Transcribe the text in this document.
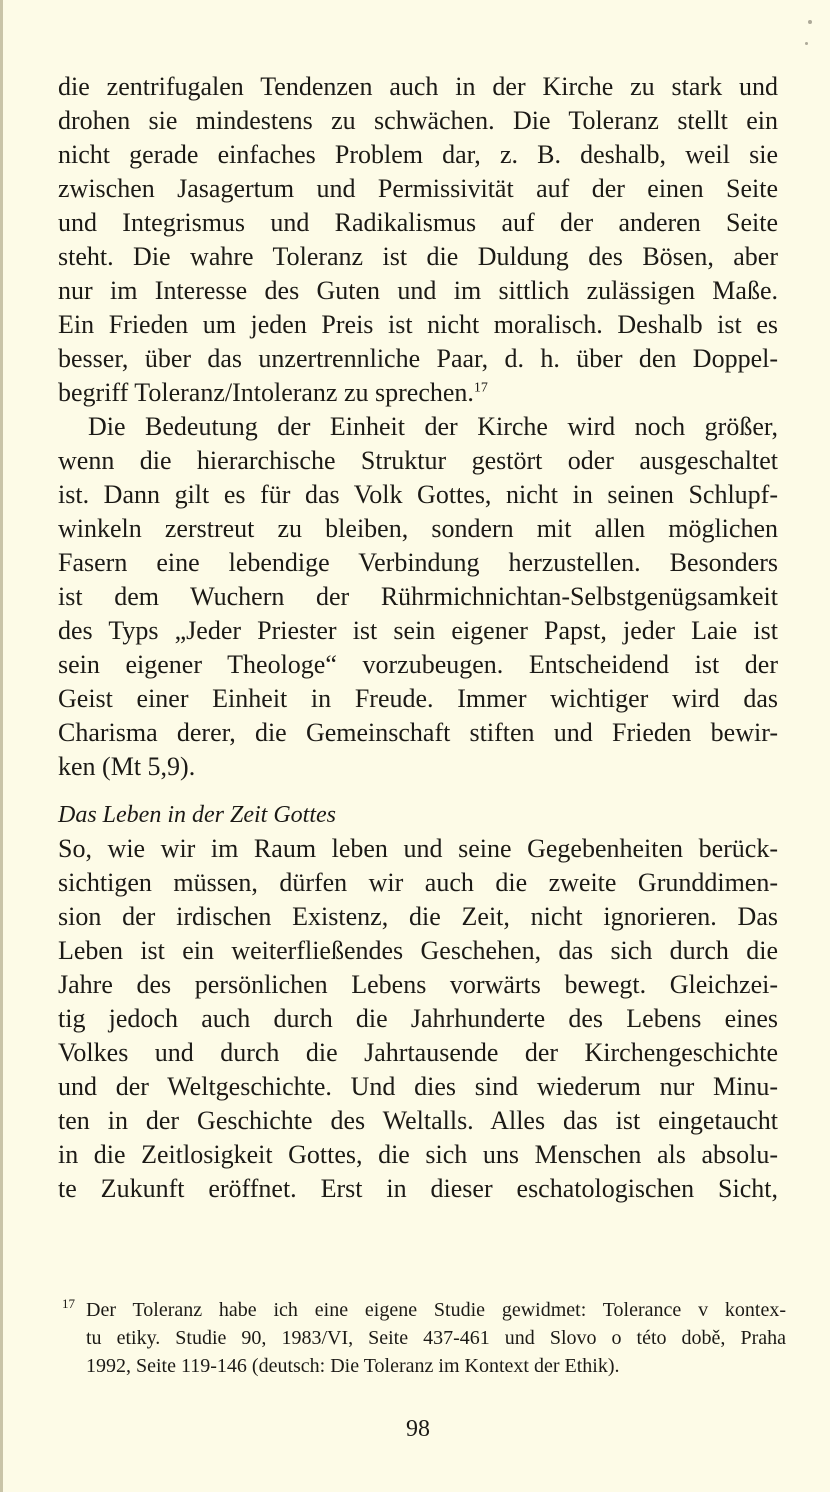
die zentrifugalen Tendenzen auch in der Kirche zu stark und
drohen sie mindestens zu schwächen. Die Toleranz stellt ein
nicht gerade einfaches Problem dar, z. B. deshalb, weil sie
zwischen Jasagertum und Permissivität auf der einen Seite
und Integrismus und Radikalismus auf der anderen Seite
steht. Die wahre Toleranz ist die Duldung des Bösen, aber
nur im Interesse des Guten und im sittlich zulässigen Maße.
Ein Frieden um jeden Preis ist nicht moralisch. Deshalb ist es
besser, über das unzertrennliche Paar, d. h. über den Doppel-
begriff Toleranz/Intoleranz zu sprechen.$^{17}$
Die Bedeutung der Einheit der Kirche wird noch größer,
wenn die hierarchische Struktur gestört oder ausgeschaltet
ist. Dann gilt es für das Volk Gottes, nicht in seinen Schlupf-
winkeln zerstreut zu bleiben, sondern mit allen möglichen
Fasern eine lebendige Verbindung herzustellen. Besonders
ist dem Wuchern der Rührmichnichtan-Selbstgenügsamkeit
des Typs „Jeder Priester ist sein eigener Papst, jeder Laie ist
sein eigener Theologe“ vorzubeugen. Entscheidend ist der
Geist einer Einheit in Freude. Immer wichtiger wird das
Charisma derer, die Gemeinschaft stiften und Frieden bewir-
ken (Mt 5,9).
Das Leben in der Zeit Gottes
So, wie wir im Raum leben und seine Gegebenheiten berück-
sichtigen müssen, dürfen wir auch die zweite Grunddimen-
sion der irdischen Existenz, die Zeit, nicht ignorieren. Das
Leben ist ein weiterfließendes Geschehen, das sich durch die
Jahre des persönlichen Lebens vorwärts bewegt. Gleichzei-
tig jedoch auch durch die Jahrhunderte des Lebens eines
Volkes und durch die Jahrtausende der Kirchengeschichte
und der Weltgeschichte. Und dies sind wiederum nur Minu-
ten in der Geschichte des Weltalls. Alles das ist eingetaucht
in die Zeitlosigkeit Gottes, die sich uns Menschen als absolu-
te Zukunft eröffnet. Erst in dieser eschatologischen Sicht,
17 Der Toleranz habe ich eine eigene Studie gewidmet: Tolerance v kontex-
tu etiky. Studie 90, 1983/VI, Seite 437-461 und Slovo o této době, Praha
1992, Seite 119-146 (deutsch: Die Toleranz im Kontext der Ethik).
98
